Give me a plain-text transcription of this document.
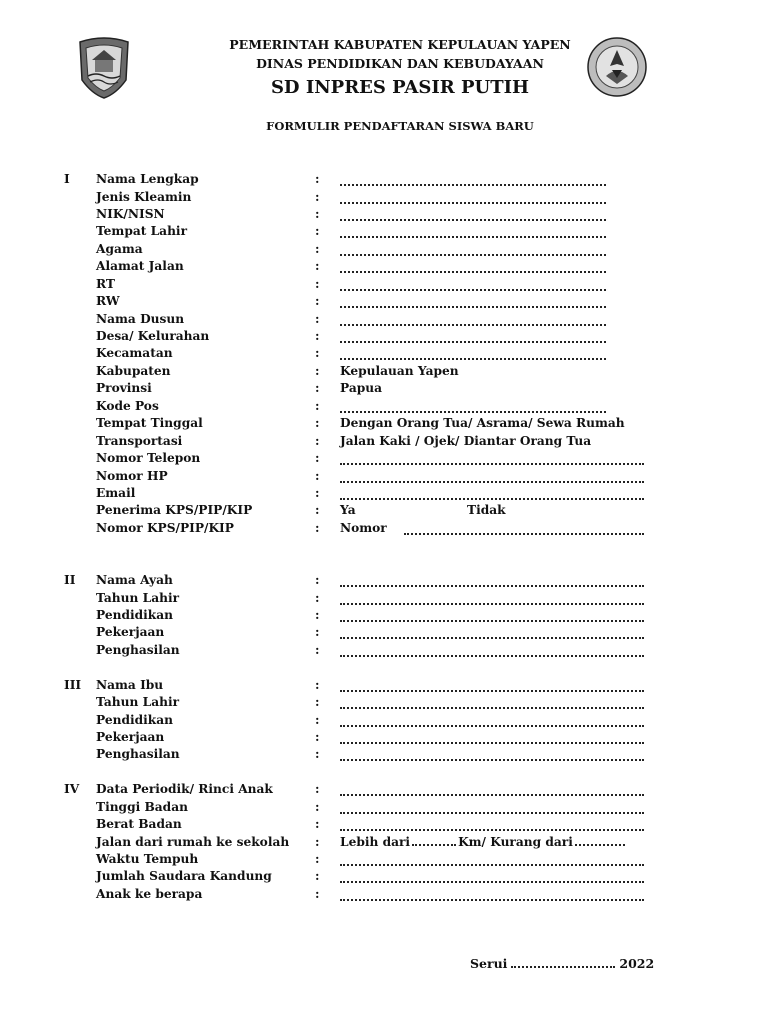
PEMERINTAH KABUPATEN KEPULAUAN YAPEN
DINAS PENDIDIKAN DAN KEBUDAYAAN
SD INPRES PASIR PUTIH
FORMULIR PENDAFTARAN SISWA BARU
I Nama Lengkap	:
Jenis Kleamin	:
NIK/NISN	:
Tempat Lahir	:
Agama	:
Alamat Jalan	:
RT	:
RW	:
Nama Dusun	:
Desa/ Kelurahan	:
Kecamatan	:
Kabupaten	: Kepulauan Yapen
Provinsi	: Papua
Kode Pos	:
Tempat Tinggal	: Dengan Orang Tua/ Asrama/ Sewa Rumah
Transportasi	: Jalan Kaki / Ojek/ Diantar Orang Tua
Nomor Telepon	:
Nomor HP	:
Email	:
Penerima KPS/PIP/KIP	: Ya	Tidak
Nomor KPS/PIP/KIP	: Nomor
II Nama Ayah	:
Tahun Lahir	:
Pendidikan	:
Pekerjaan	:
Penghasilan	:
III Nama Ibu	:
Tahun Lahir	:
Pendidikan	:
Pekerjaan	:
Penghasilan	:
IV Data Periodik/ Rinci Anak	:
Tinggi Badan	:
Berat Badan	:
Jalan dari rumah ke sekolah : Lebih dari	Km/ Kurang dari
Waktu Tempuh	:
Jumlah Saudara Kandung	:
Anak ke berapa	:
Serui	2022
